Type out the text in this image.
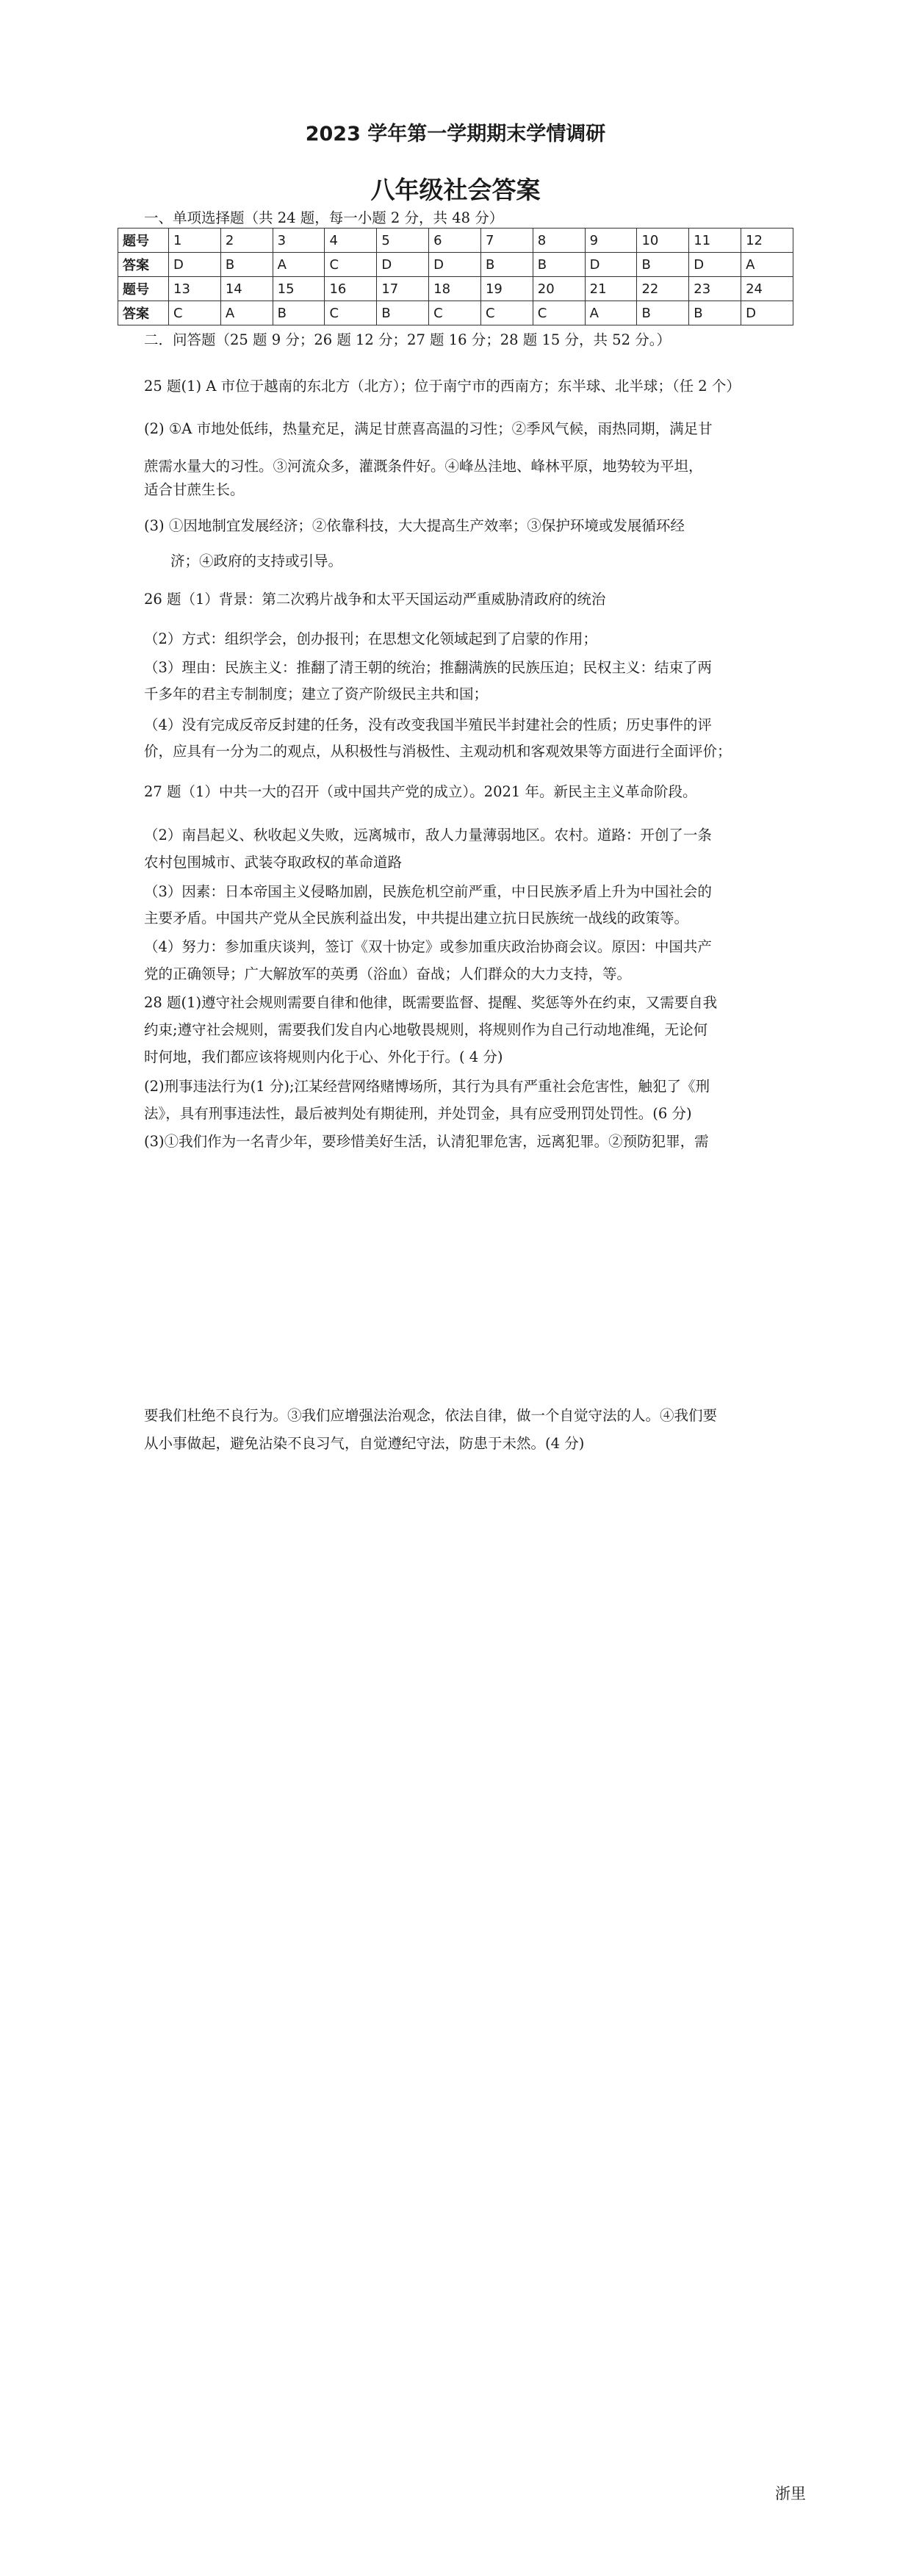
2023 学年第一学期期末学情调研
八年级社会答案
一、单项选择题（共 24 题，每一小题 2 分，共 48 分）
题号	1	2	3	4	5	6	7	8	9	10	11	12
答案	D	B	A	C	D	D	B	B	D	B	D	A
题号	13	14	15	16	17	18	19	20	21	22	23	24
答案	C	A	B	C	B	C	C	C	A	B	B	D
二．问答题（25 题 9 分；26 题 12 分；27 题 16 分；28 题 15 分，共 52 分。）
25 题(1) A 市位于越南的东北方（北方）；位于南宁市的西南方；东半球、北半球；（任 2 个）
(2) ①A 市地处低纬，热量充足，满足甘蔗喜高温的习性；②季风气候，雨热同期，满足甘
蔗需水量大的习性。③河流众多，灌溉条件好。④峰丛洼地、峰林平原，地势较为平坦，
适合甘蔗生长。
(3) ①因地制宜发展经济；②依靠科技，大大提高生产效率；③保护环境或发展循环经
济；④政府的支持或引导。
26 题（1）背景：第二次鸦片战争和太平天国运动严重威胁清政府的统治
（2）方式：组织学会，创办报刊；在思想文化领域起到了启蒙的作用；
（3）理由：民族主义：推翻了清王朝的统治；推翻满族的民族压迫；民权主义：结束了两
千多年的君主专制制度；建立了资产阶级民主共和国；
（4）没有完成反帝反封建的任务，没有改变我国半殖民半封建社会的性质；历史事件的评
价，应具有一分为二的观点，从积极性与消极性、主观动机和客观效果等方面进行全面评价；
27 题（1）中共一大的召开（或中国共产党的成立）。2021 年。新民主主义革命阶段。
（2）南昌起义、秋收起义失败，远离城市，敌人力量薄弱地区。农村。道路：开创了一条
农村包围城市、武装夺取政权的革命道路
（3）因素：日本帝国主义侵略加剧，民族危机空前严重，中日民族矛盾上升为中国社会的
主要矛盾。中国共产党从全民族利益出发，中共提出建立抗日民族统一战线的政策等。
（4）努力：参加重庆谈判，签订《双十协定》或参加重庆政治协商会议。原因：中国共产
党的正确领导；广大解放军的英勇（浴血）奋战；人们群众的大力支持，等。
28 题(1)遵守社会规则需要自律和他律，既需要监督、提醒、奖惩等外在约束，又需要自我
约束;遵守社会规则，需要我们发自内心地敬畏规则，将规则作为自己行动地准绳，无论何
时何地，我们都应该将规则内化于心、外化于行。( 4 分)
(2)刑事违法行为(1 分);江某经营网络赌博场所，其行为具有严重社会危害性，触犯了《刑
法》，具有刑事违法性，最后被判处有期徒刑，并处罚金，具有应受刑罚处罚性。(6 分)
(3)①我们作为一名青少年，要珍惜美好生活，认清犯罪危害，远离犯罪。②预防犯罪，需
要我们杜绝不良行为。③我们应增强法治观念，依法自律，做一个自觉守法的人。④我们要
从小事做起，避免沾染不良习气，自觉遵纪守法，防患于未然。(4 分)
浙里
